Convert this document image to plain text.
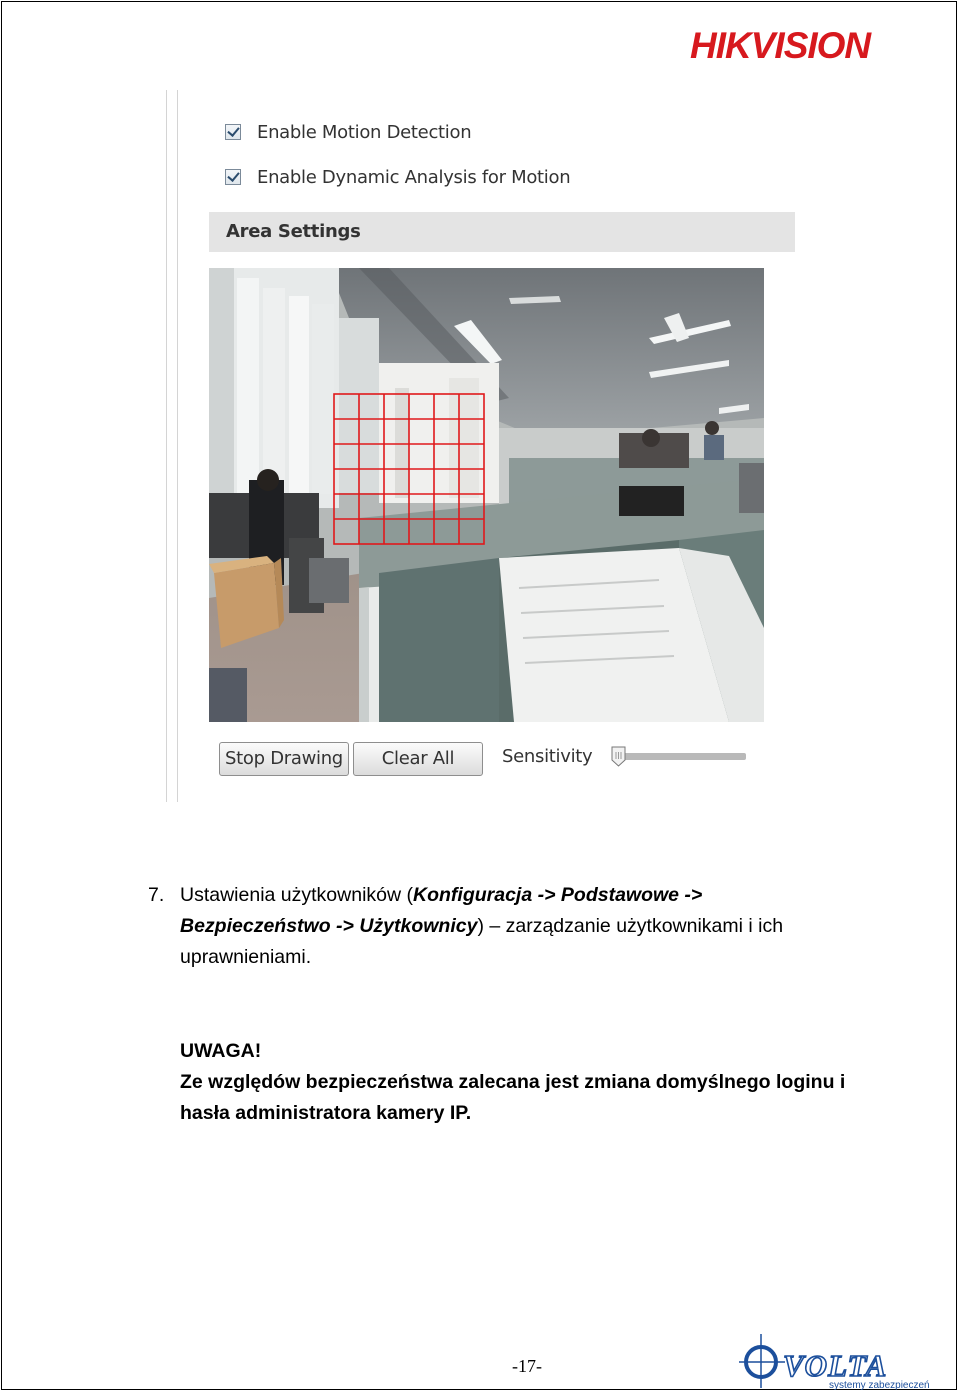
HIKVISION
Enable Motion Detection
Enable Dynamic Analysis for Motion
Area Settings
Stop Drawing	Clear All	Sensitivity
7. Ustawienia użytkowników (Konfiguracja -> Podstawowe -> Bezpieczeństwo -> Użytkownicy) – zarządzanie użytkownikami i ich uprawnieniami.
UWAGA!
Ze względów bezpieczeństwa zalecana jest zmiana domyślnego loginu i hasła administratora kamery IP.
-17-	VOLTA
systemy zabezpieczeń
